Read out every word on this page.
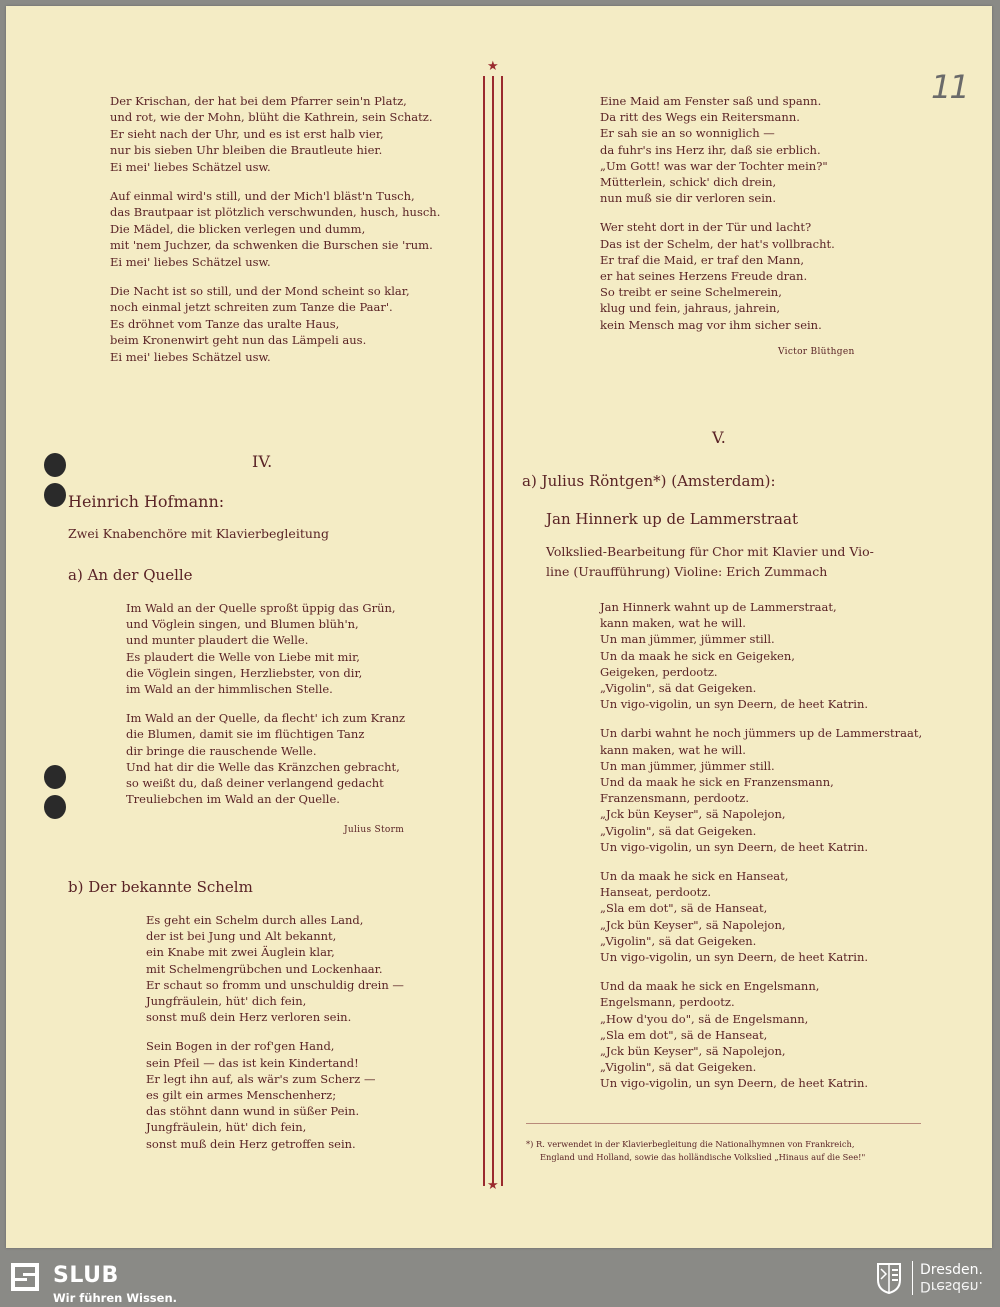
11
★
★
Der Krischan, der hat bei dem Pfarrer sein'n Platz,
und rot, wie der Mohn, blüht die Kathrein, sein Schatz.
Er sieht nach der Uhr, und es ist erst halb vier,
nur bis sieben Uhr bleiben die Brautleute hier.
Ei mei' liebes Schätzel usw.
Auf einmal wird's still, und der Mich'l bläst'n Tusch,
das Brautpaar ist plötzlich verschwunden, husch, husch.
Die Mädel, die blicken verlegen und dumm,
mit 'nem Juchzer, da schwenken die Burschen sie 'rum.
Ei mei' liebes Schätzel usw.
Die Nacht ist so still, und der Mond scheint so klar,
noch einmal jetzt schreiten zum Tanze die Paar'.
Es dröhnet vom Tanze das uralte Haus,
beim Kronenwirt geht nun das Lämpeli aus.
Ei mei' liebes Schätzel usw.
IV.
Heinrich Hofmann:
Zwei Knabenchöre mit Klavierbegleitung
a) An der Quelle
Im Wald an der Quelle sproßt üppig das Grün,
und Vöglein singen, und Blumen blüh'n,
und munter plaudert die Welle.
Es plaudert die Welle von Liebe mit mir,
die Vöglein singen, Herzliebster, von dir,
im Wald an der himmlischen Stelle.
Im Wald an der Quelle, da flecht' ich zum Kranz
die Blumen, damit sie im flüchtigen Tanz
dir bringe die rauschende Welle.
Und hat dir die Welle das Kränzchen gebracht,
so weißt du, daß deiner verlangend gedacht
Treuliebchen im Wald an der Quelle.
Julius Storm
b) Der bekannte Schelm
Es geht ein Schelm durch alles Land,
der ist bei Jung und Alt bekannt,
ein Knabe mit zwei Äuglein klar,
mit Schelmengrübchen und Lockenhaar.
Er schaut so fromm und unschuldig drein —
Jungfräulein, hüt' dich fein,
sonst muß dein Herz verloren sein.
Sein Bogen in der rof'gen Hand,
sein Pfeil — das ist kein Kindertand!
Er legt ihn auf, als wär's zum Scherz —
es gilt ein armes Menschenherz;
das stöhnt dann wund in süßer Pein.
Jungfräulein, hüt' dich fein,
sonst muß dein Herz getroffen sein.
Eine Maid am Fenster saß und spann.
Da ritt des Wegs ein Reitersmann.
Er sah sie an so wonniglich —
da fuhr's ins Herz ihr, daß sie erblich.
„Um Gott! was war der Tochter mein?"
Mütterlein, schick' dich drein,
nun muß sie dir verloren sein.
Wer steht dort in der Tür und lacht?
Das ist der Schelm, der hat's vollbracht.
Er traf die Maid, er traf den Mann,
er hat seines Herzens Freude dran.
So treibt er seine Schelmerein,
klug und fein, jahraus, jahrein,
kein Mensch mag vor ihm sicher sein.
Victor Blüthgen
V.
a) Julius Röntgen*) (Amsterdam):
Jan Hinnerk up de Lammerstraat
Volkslied-Bearbeitung für Chor mit Klavier und Vio-
line (Uraufführung) Violine: Erich Zummach
Jan Hinnerk wahnt up de Lammerstraat,
kann maken, wat he will.
Un man jümmer, jümmer still.
Un da maak he sick en Geigeken,
Geigeken, perdootz.
„Vigolin", sä dat Geigeken.
Un vigo-vigolin, un syn Deern, de heet Katrin.
Un darbi wahnt he noch jümmers up de Lammerstraat,
kann maken, wat he will.
Un man jümmer, jümmer still.
Und da maak he sick en Franzensmann,
Franzensmann, perdootz.
„Jck bün Keyser", sä Napolejon,
„Vigolin", sä dat Geigeken.
Un vigo-vigolin, un syn Deern, de heet Katrin.
Un da maak he sick en Hanseat,
Hanseat, perdootz.
„Sla em dot", sä de Hanseat,
„Jck bün Keyser", sä Napolejon,
„Vigolin", sä dat Geigeken.
Un vigo-vigolin, un syn Deern, de heet Katrin.
Und da maak he sick en Engelsmann,
Engelsmann, perdootz.
„How d'you do", sä de Engelsmann,
„Sla em dot", sä de Hanseat,
„Jck bün Keyser", sä Napolejon,
„Vigolin", sä dat Geigeken.
Un vigo-vigolin, un syn Deern, de heet Katrin.
*) R. verwendet in der Klavierbegleitung die Nationalhymnen von Frankreich,
England und Holland, sowie das holländische Volkslied „Hinaus auf die See!"
SLUB
Wir führen Wissen.
Dresden.
Dresden.
